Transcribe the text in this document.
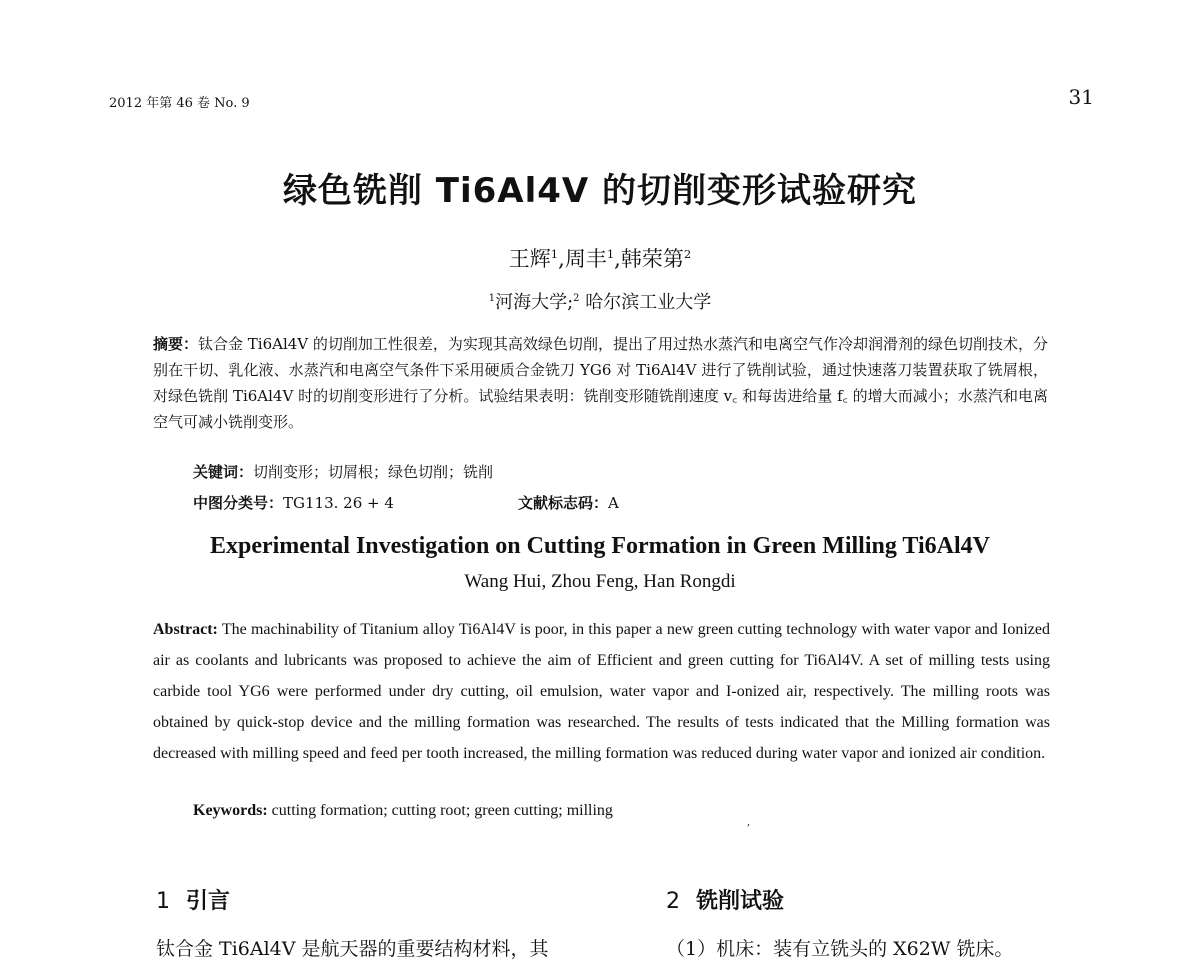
2012 年第 46 卷 No. 9	31
绿色铣削 Ti6Al4V 的切削变形试验研究
王辉$^1$,周丰$^1$,韩荣第$^2$
$^1$河海大学;$^2$ 哈尔滨工业大学
摘要：钛合金 Ti6Al4V 的切削加工性很差，为实现其高效绿色切削，提出了用过热水蒸汽和电离空气作冷却润滑剂的绿色切削技术，分别在干切、乳化液、水蒸汽和电离空气条件下采用硬质合金铣刀 YG6 对 Ti6Al4V 进行了铣削试验，通过快速落刀装置获取了铣屑根，对绿色铣削 Ti6Al4V 时的切削变形进行了分析。试验结果表明：铣削变形随铣削速度 v꜀ 和每齿进给量 f꜀ 的增大而减小；水蒸汽和电离空气可减小铣削变形。
关键词：切削变形；切屑根；绿色切削；铣削
中图分类号：TG113. 26 + 4	文献标志码：A
Experimental Investigation on Cutting Formation in Green Milling Ti6Al4V
Wang Hui, Zhou Feng, Han Rongdi
Abstract: The machinability of Titanium alloy Ti6Al4V is poor, in this paper a new green cutting technology with water vapor and Ionized air as coolants and lubricants was proposed to achieve the aim of Efficient and green cutting for Ti6Al4V. A set of milling tests using carbide tool YG6 were performed under dry cutting, oil emulsion, water vapor and I-onized air, respectively. The milling roots was obtained by quick-stop device and the milling formation was researched. The results of tests indicated that the Milling formation was decreased with milling speed and feed per tooth increased, the milling formation was reduced during water vapor and ionized air condition.
Keywords: cutting formation; cutting root; green cutting; milling
,
1 引言	2 铣削试验
钛合金 Ti6Al4V 是航天器的重要结构材料，其	（1）机床：装有立铣头的 X62W 铣床。
